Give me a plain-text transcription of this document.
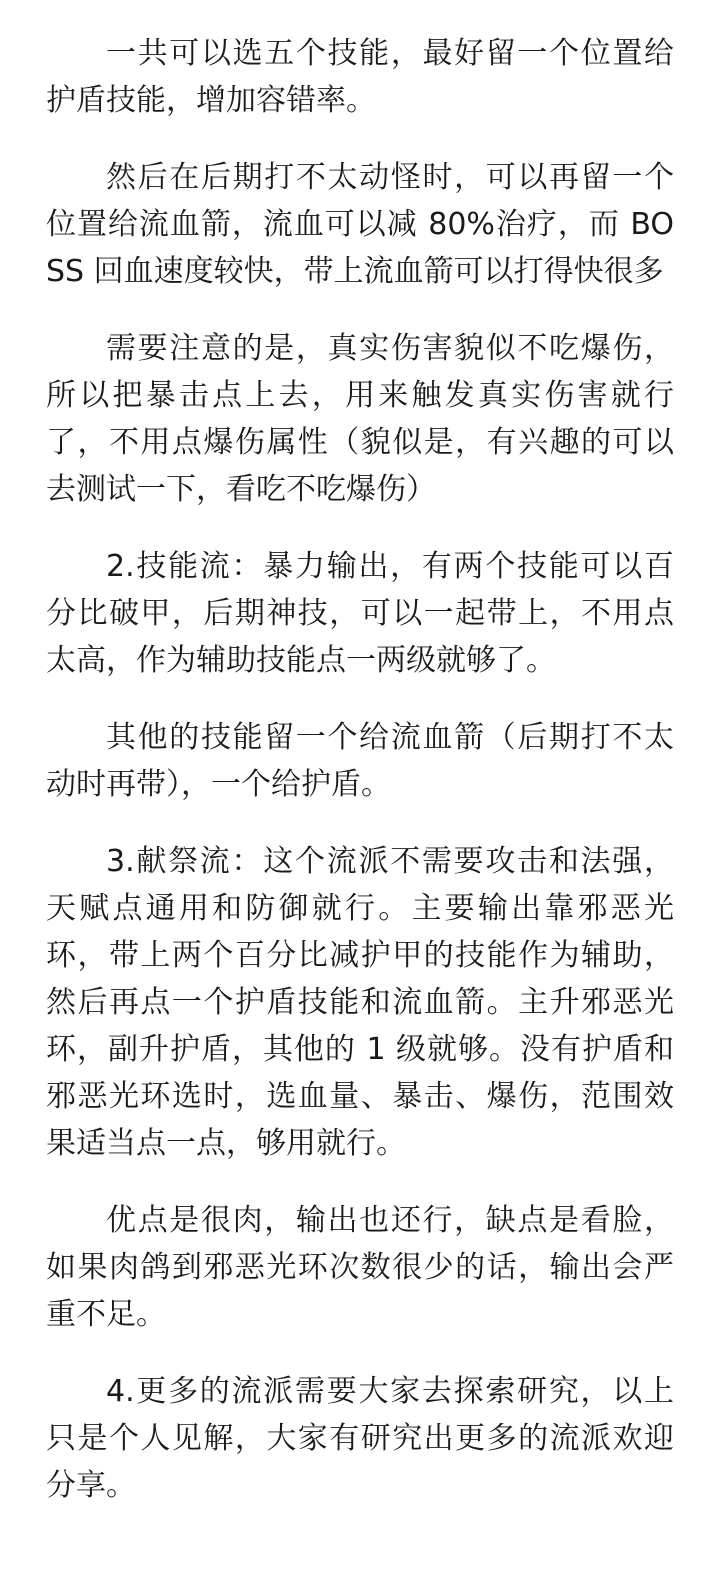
一共可以选五个技能，最好留一个位置给护盾技能，增加容错率。

然后在后期打不太动怪时，可以再留一个位置给流血箭，流血可以减 80%治疗，而 BOSS 回血速度较快，带上流血箭可以打得快很多

需要注意的是，真实伤害貌似不吃爆伤，所以把暴击点上去，用来触发真实伤害就行了，不用点爆伤属性（貌似是，有兴趣的可以去测试一下，看吃不吃爆伤）

2.技能流：暴力输出，有两个技能可以百分比破甲，后期神技，可以一起带上，不用点太高，作为辅助技能点一两级就够了。

其他的技能留一个给流血箭（后期打不太动时再带），一个给护盾。

3.献祭流：这个流派不需要攻击和法强，天赋点通用和防御就行。主要输出靠邪恶光环，带上两个百分比减护甲的技能作为辅助，然后再点一个护盾技能和流血箭。主升邪恶光环，副升护盾，其他的 1 级就够。没有护盾和邪恶光环选时，选血量、暴击、爆伤，范围效果适当点一点，够用就行。

优点是很肉，输出也还行，缺点是看脸，如果肉鸽到邪恶光环次数很少的话，输出会严重不足。

4.更多的流派需要大家去探索研究，以上只是个人见解，大家有研究出更多的流派欢迎分享。
